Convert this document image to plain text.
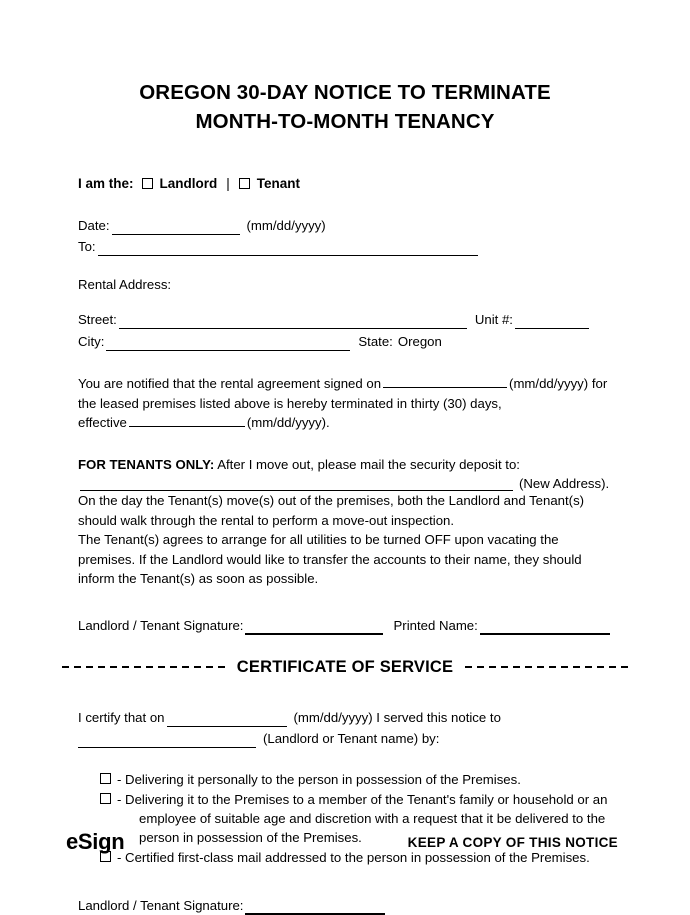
OREGON 30-DAY NOTICE TO TERMINATE
MONTH-TO-MONTH TENANCY
I am the: Landlord | Tenant
Date:	(mm/dd/yyyy)
To:
Rental Address:
Street:	Unit #:
City:	State: Oregon

You are notified that the rental agreement signed on	(mm/dd/yyyy) for

the leased premises listed above is hereby terminated in thirty (30) days,

effective	(mm/dd/yyyy).

FOR TENANTS ONLY: After I move out, please mail the security deposit to:

(New Address).

On the day the Tenant(s) move(s) out of the premises, both the Landlord and Tenant(s) should walk through the rental to perform a move-out inspection.

The Tenant(s) agrees to arrange for all utilities to be turned OFF upon vacating the premises. If the Landlord would like to transfer the accounts to their name, they should inform the Tenant(s) as soon as possible.

Landlord / Tenant Signature:	Printed Name:
CERTIFICATE OF SERVICE
I certify that on	(mm/dd/yyyy) I served this notice to
(Landlord or Tenant name) by:
- Delivering it personally to the person in possession of the Premises.
- Delivering it to the Premises to a member of the Tenant's family or household or an
employee of suitable age and discretion with a request that it be delivered to the person in possession of the Premises.
- Certified first-class mail addressed to the person in possession of the Premises.
Landlord / Tenant Signature:
eSign	KEEP A COPY OF THIS NOTICE
